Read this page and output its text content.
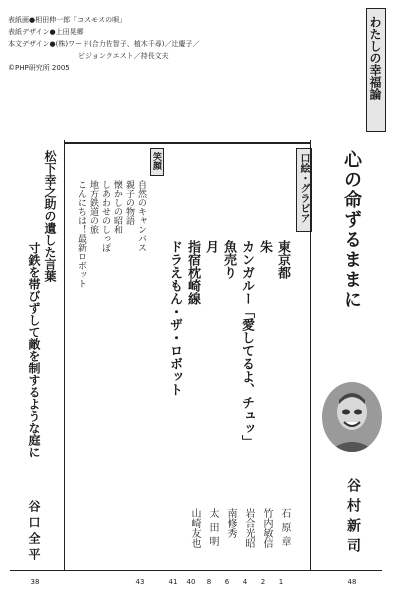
表紙画●相田伸一郎「コスモスの唄」
表紙デザイン●上田晃郷
本文デザイン●(株)ワード(合力佐智子、植木千尋)／辻慶子／
ビジョンクエスト／持長文夫
©PHP研究所 2005	わたしの幸福論
心の命ずるままに
谷村新司
48
口絵・グラビア
東京都
石原章
1
朱
竹内敏信
2
カンガルー「愛してるよ、チュッ」
岩合光昭
4
魚売り
南修秀
6
月
太田明
8
指宿枕崎線
山崎友也
40
ドラえもん・ザ・ロボット
41
笑顔
自然のキャンバス
43
親子の物語
懐かしの昭和
しあわせのしっぽ
地方鉄道の旅
こんにちは！最新ロボット
松下幸之助の遺した言葉
寸鉄を帯びずして敵を制するような庭に
谷口全平
38
